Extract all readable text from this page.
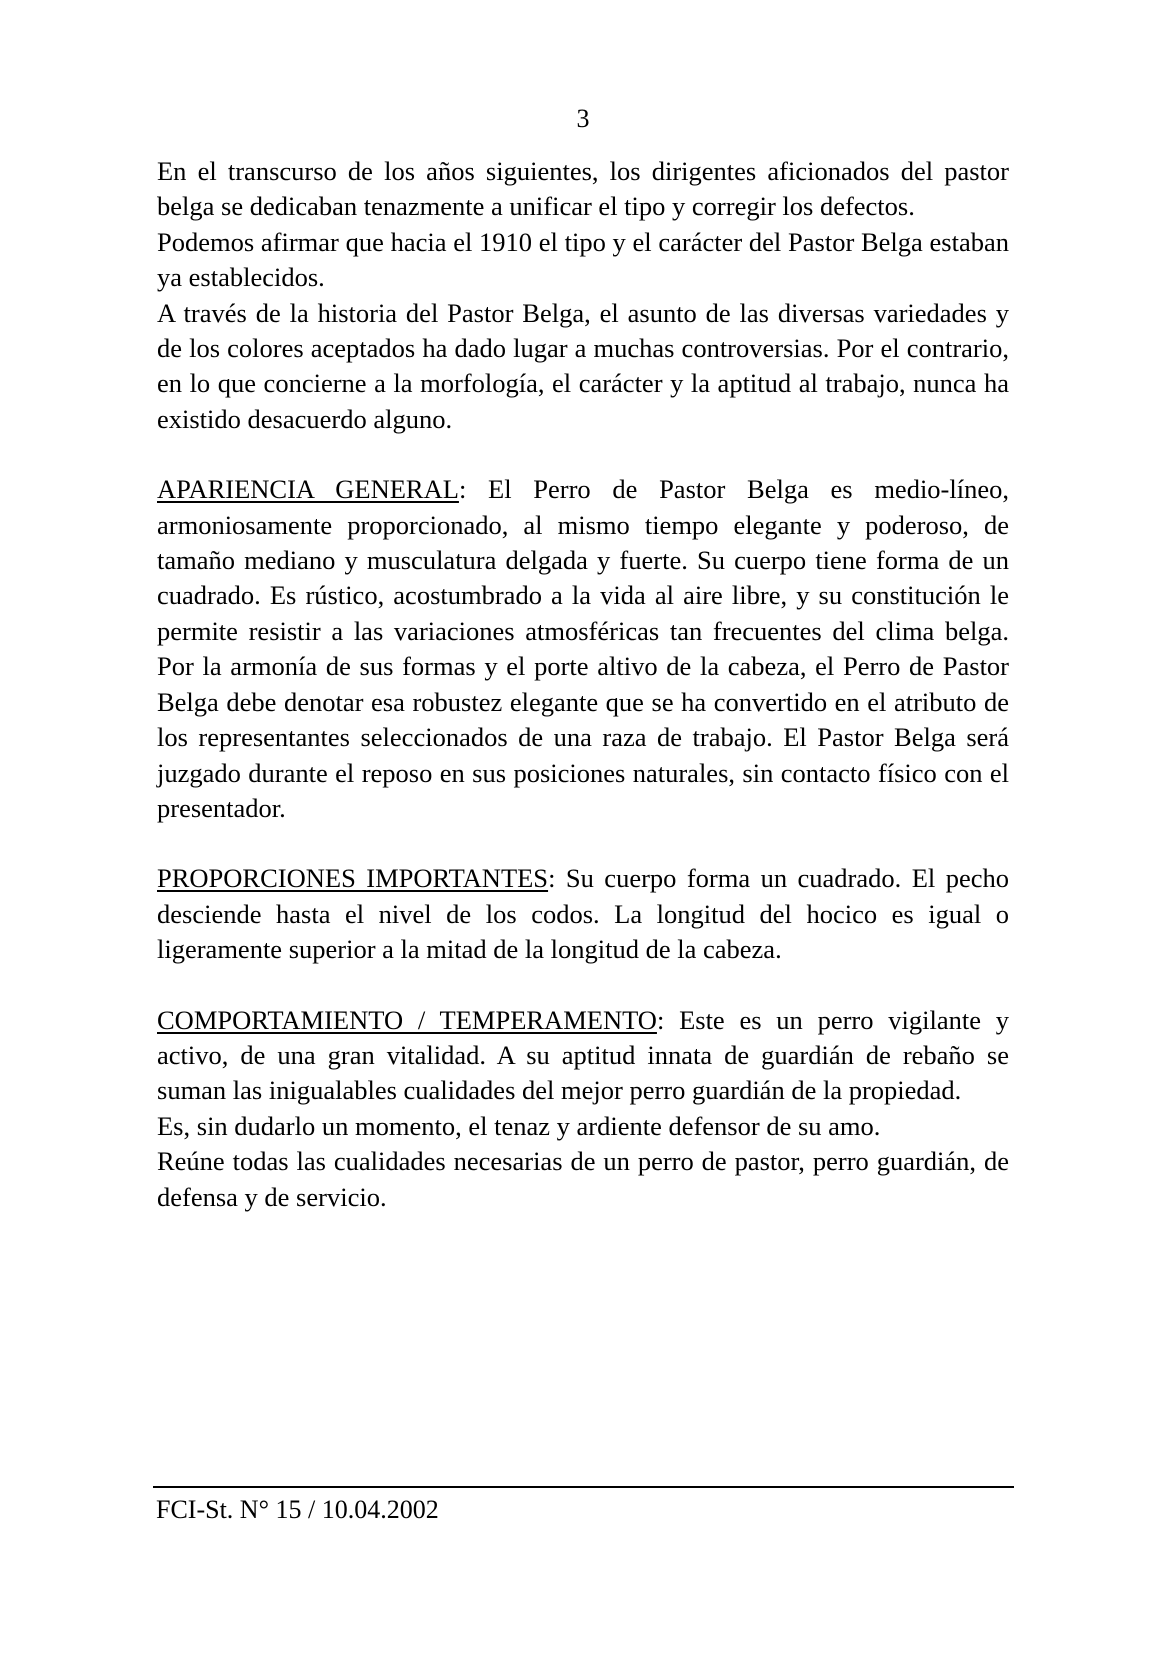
3

En el transcurso de los años siguientes, los dirigentes aficionados del pastor belga se dedicaban tenazmente a unificar el tipo y corregir los defectos.

Podemos afirmar que hacia el 1910 el tipo y el carácter del Pastor Belga estaban ya establecidos.

A través de la historia del Pastor Belga, el asunto de las diversas variedades y de los colores aceptados ha dado lugar a muchas controversias. Por el contrario, en lo que concierne a la morfología, el carácter y la aptitud al trabajo, nunca ha existido desacuerdo alguno.

APARIENCIA GENERAL: El Perro de Pastor Belga es medio-líneo, armoniosamente proporcionado, al mismo tiempo elegante y poderoso, de tamaño mediano y musculatura delgada y fuerte. Su cuerpo tiene forma de un cuadrado. Es rústico, acostumbrado a la vida al aire libre, y su constitución le permite resistir a las variaciones atmosféricas tan frecuentes del clima belga. Por la armonía de sus formas y el porte altivo de la cabeza, el Perro de Pastor Belga debe denotar esa robustez elegante que se ha convertido en el atributo de los representantes seleccionados de una raza de trabajo. El Pastor Belga será juzgado durante el reposo en sus posiciones naturales, sin contacto físico con el presentador.

PROPORCIONES IMPORTANTES: Su cuerpo forma un cuadrado. El pecho desciende hasta el nivel de los codos. La longitud del hocico es igual o ligeramente superior a la mitad de la longitud de la cabeza.

COMPORTAMIENTO / TEMPERAMENTO: Este es un perro vigilante y activo, de una gran vitalidad. A su aptitud innata de guardián de rebaño se suman las inigualables cualidades del mejor perro guardián de la propiedad.

Es, sin dudarlo un momento, el tenaz y ardiente defensor de su amo.

Reúne todas las cualidades necesarias de un perro de pastor, perro guardián, de defensa y de servicio.

FCI-St. N° 15 / 10.04.2002
